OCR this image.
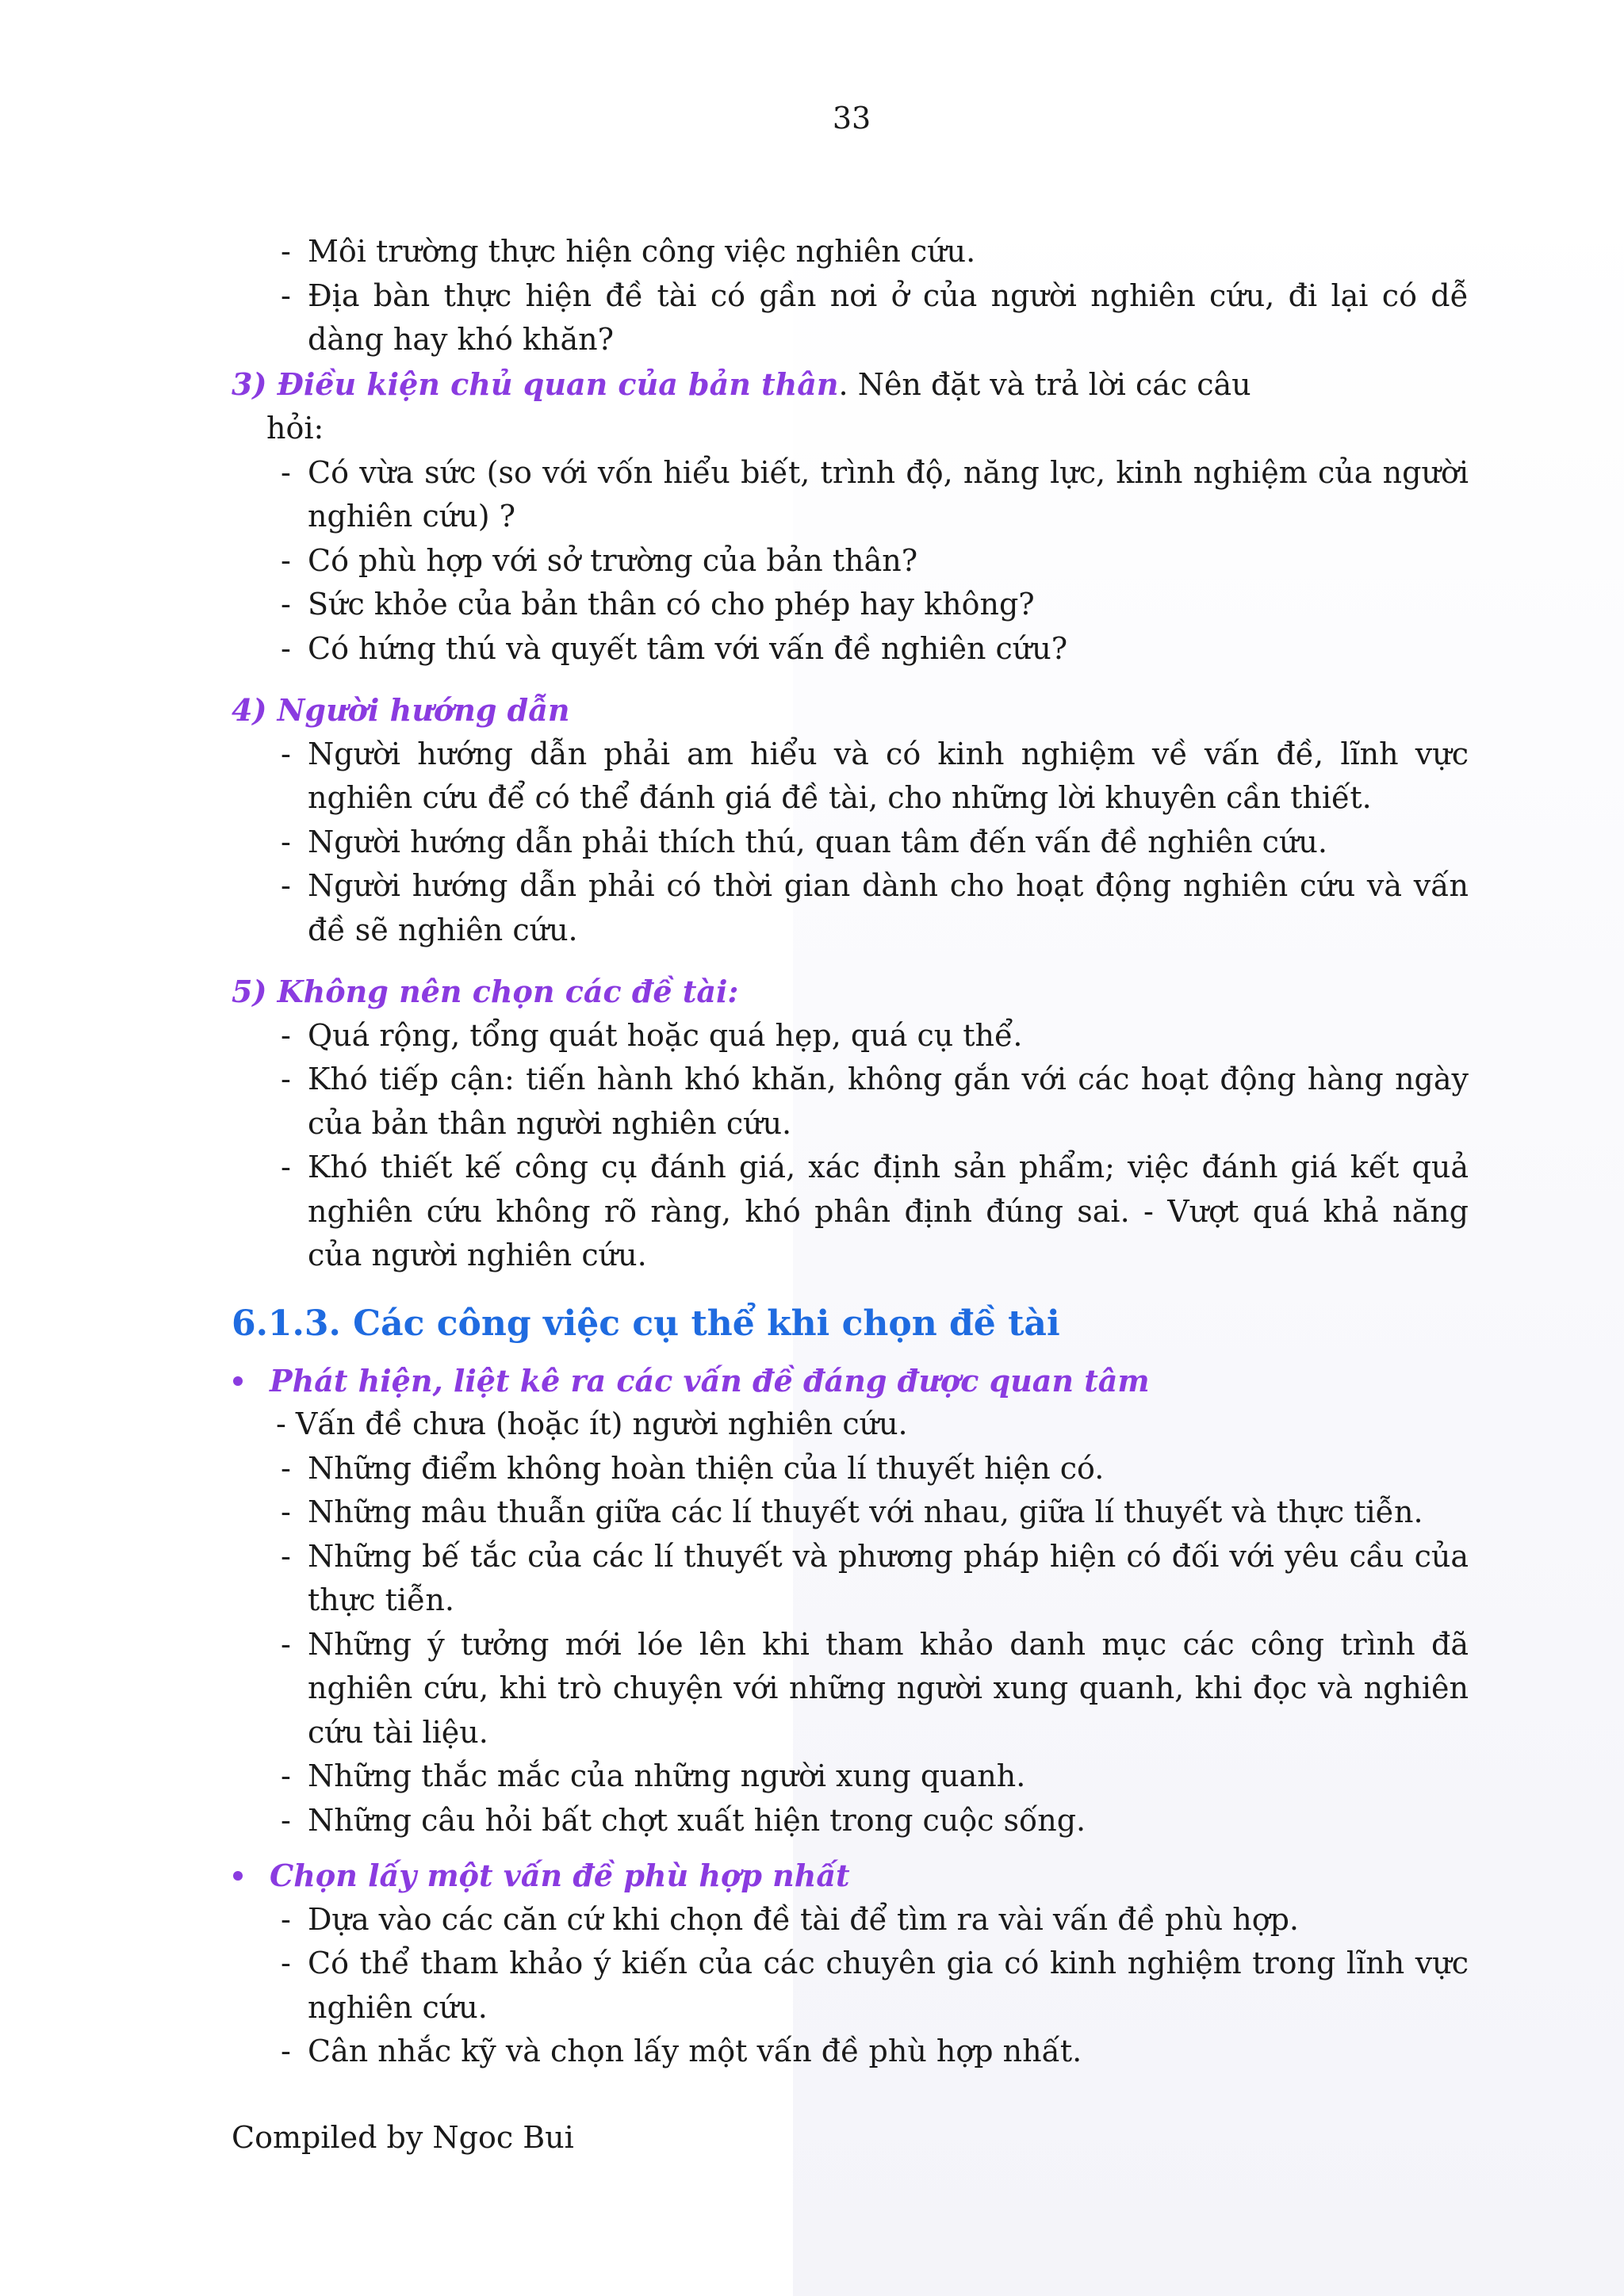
33
- Môi trường thực hiện công việc nghiên cứu.
- Địa bàn thực hiện đề tài có gần nơi ở của người nghiên cứu, đi lại có dễ dàng hay khó khăn?
3) Điều kiện chủ quan của bản thân. Nên đặt và trả lời các câu
hỏi:
- Có vừa sức (so với vốn hiểu biết, trình độ, năng lực, kinh nghiệm của người nghiên cứu) ?
- Có phù hợp với sở trường của bản thân?
- Sức khỏe của bản thân có cho phép hay không?
- Có hứng thú và quyết tâm với vấn đề nghiên cứu?
4) Người hướng dẫn
- Người hướng dẫn phải am hiểu và có kinh nghiệm về vấn đề, lĩnh vực nghiên cứu để có thể đánh giá đề tài, cho những lời khuyên cần thiết.
- Người hướng dẫn phải thích thú, quan tâm đến vấn đề nghiên cứu.
- Người hướng dẫn phải có thời gian dành cho hoạt động nghiên cứu và vấn đề sẽ nghiên cứu.
5) Không nên chọn các đề tài:
- Quá rộng, tổng quát hoặc quá hẹp, quá cụ thể.
- Khó tiếp cận: tiến hành khó khăn, không gắn với các hoạt động hàng ngày của bản thân người nghiên cứu.
- Khó thiết kế công cụ đánh giá, xác định sản phẩm; việc đánh giá kết quả nghiên cứu không rõ ràng, khó phân định đúng sai. - Vượt quá khả năng của người nghiên cứu.
6.1.3. Các công việc cụ thể khi chọn đề tài
Phát hiện, liệt kê ra các vấn đề đáng được quan tâm
- Vấn đề chưa (hoặc ít) người nghiên cứu.
- Những điểm không hoàn thiện của lí thuyết hiện có.
- Những mâu thuẫn giữa các lí thuyết với nhau, giữa lí thuyết và thực tiễn.
- Những bế tắc của các lí thuyết và phương pháp hiện có đối với yêu cầu của thực tiễn.
- Những ý tưởng mới lóe lên khi tham khảo danh mục các công trình đã nghiên cứu, khi trò chuyện với những người xung quanh, khi đọc và nghiên cứu tài liệu.
- Những thắc mắc của những người xung quanh.
- Những câu hỏi bất chợt xuất hiện trong cuộc sống.
Chọn lấy một vấn đề phù hợp nhất
- Dựa vào các căn cứ khi chọn đề tài để tìm ra vài vấn đề phù hợp.
- Có thể tham khảo ý kiến của các chuyên gia có kinh nghiệm trong lĩnh vực nghiên cứu.
- Cân nhắc kỹ và chọn lấy một vấn đề phù hợp nhất.
Compiled by Ngoc Bui
